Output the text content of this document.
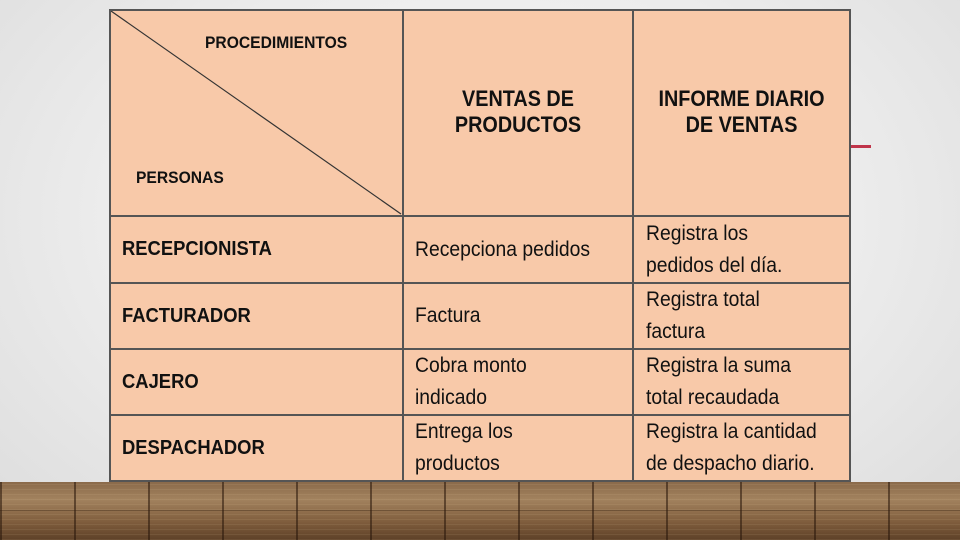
PROCEDIMIENTOS
PERSONAS
VENTAS DE
PRODUCTOS
INFORME DIARIO
DE VENTAS
RECEPCIONISTA	Recepciona pedidos
Registra los
pedidos del día.
FACTURADOR	Factura
Registra total
factura
CAJERO
Cobra monto
indicado
Registra la suma
total recaudada
DESPACHADOR
Entrega los
productos
Registra la cantidad
de despacho diario.
